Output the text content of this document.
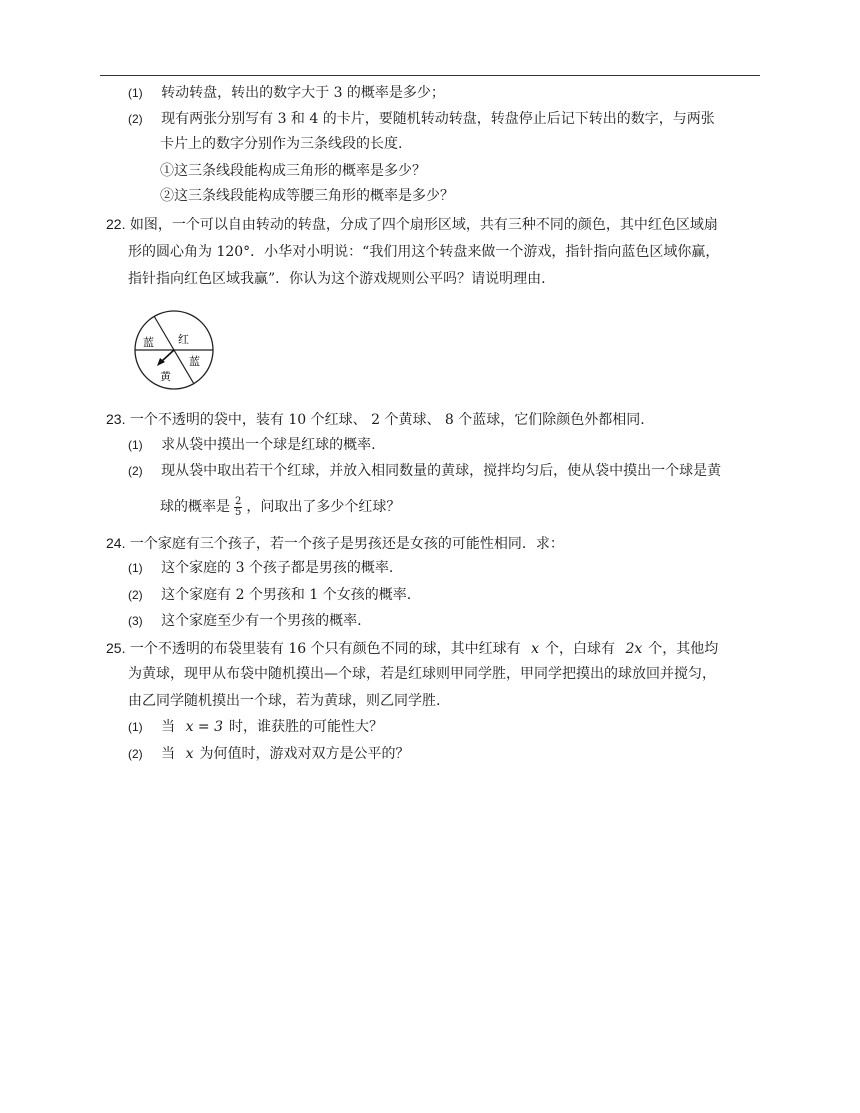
(1) 转动转盘，转出的数字大于 3 的概率是多少；
(2) 现有两张分别写有 3 和 4 的卡片，要随机转动转盘，转盘停止后记下转出的数字，与两张
卡片上的数字分别作为三条线段的长度.
①这三条线段能构成三角形的概率是多少？
②这三条线段能构成等腰三角形的概率是多少？
22. 如图，一个可以自由转动的转盘，分成了四个扇形区域，共有三种不同的颜色，其中红色区域扇
形的圆心角为 120°．小华对小明说：“我们用这个转盘来做一个游戏，指针指向蓝色区域你赢，
指针指向红色区域我赢”．你认为这个游戏规则公平吗？请说明理由.
蓝 红
蓝
黄
23. 一个不透明的袋中，装有 10 个红球、 2 个黄球、 8 个蓝球，它们除颜色外都相同.
(1) 求从袋中摸出一个球是红球的概率.
(2) 现从袋中取出若干个红球，并放入相同数量的黄球，搅拌均匀后，使从袋中摸出一个球是黄
球的概率是 $\frac{2}{5}$ ，问取出了多少个红球？
24. 一个家庭有三个孩子，若一个孩子是男孩还是女孩的可能性相同．求：
(1) 这个家庭的 3 个孩子都是男孩的概率.
(2) 这个家庭有 2 个男孩和 1 个女孩的概率.
(3) 这个家庭至少有一个男孩的概率.
25. 一个不透明的布袋里装有 16 个只有颜色不同的球，其中红球有 x 个，白球有 2x 个，其他均
为黄球，现甲从布袋中随机摸出—个球，若是红球则甲同学胜，甲同学把摸出的球放回并搅匀，
由乙同学随机摸出一个球，若为黄球，则乙同学胜.
(1) 当 x = 3 时，谁获胜的可能性大？
(2) 当 x 为何值时，游戏对双方是公平的？
